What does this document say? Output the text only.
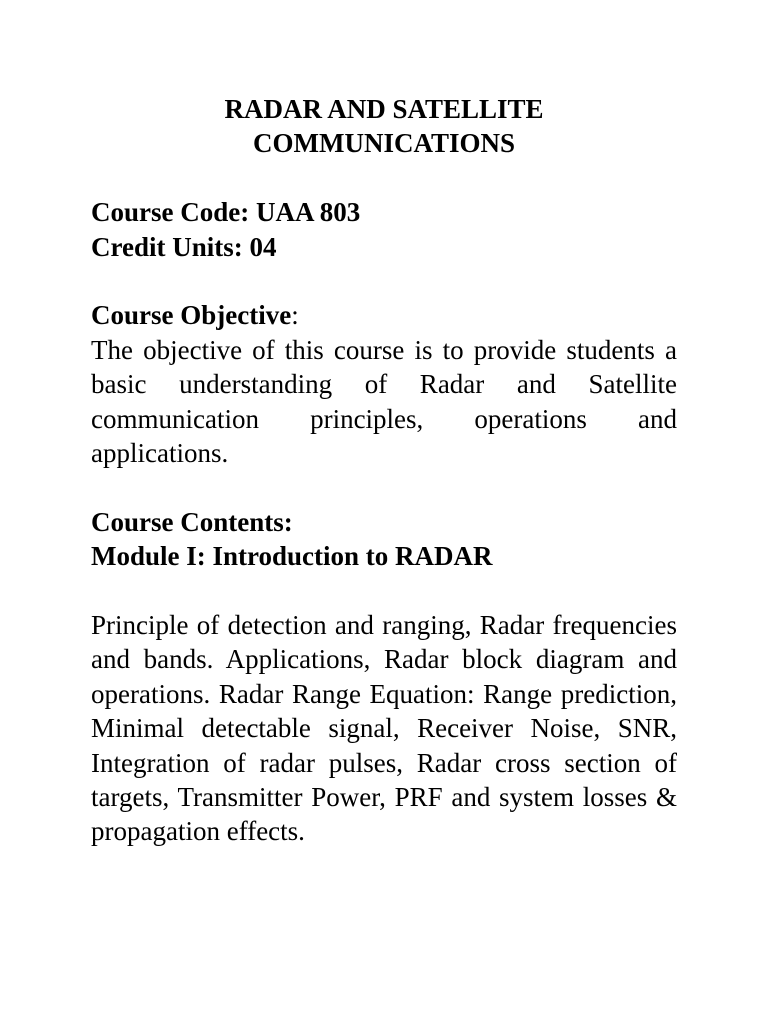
RADAR AND SATELLITE
COMMUNICATIONS
Course Code: UAA 803
Credit Units: 04
Course Objective:

The objective of this course is to provide students a basic understanding of Radar and Satellite communication principles, operations and applications.

Course Contents:
Module I: Introduction to RADAR

Principle of detection and ranging, Radar frequencies and bands. Applications, Radar block diagram and operations. Radar Range Equation: Range prediction, Minimal detectable signal, Receiver Noise, SNR, Integration of radar pulses, Radar cross section of targets, Transmitter Power, PRF and system losses & propagation effects.
